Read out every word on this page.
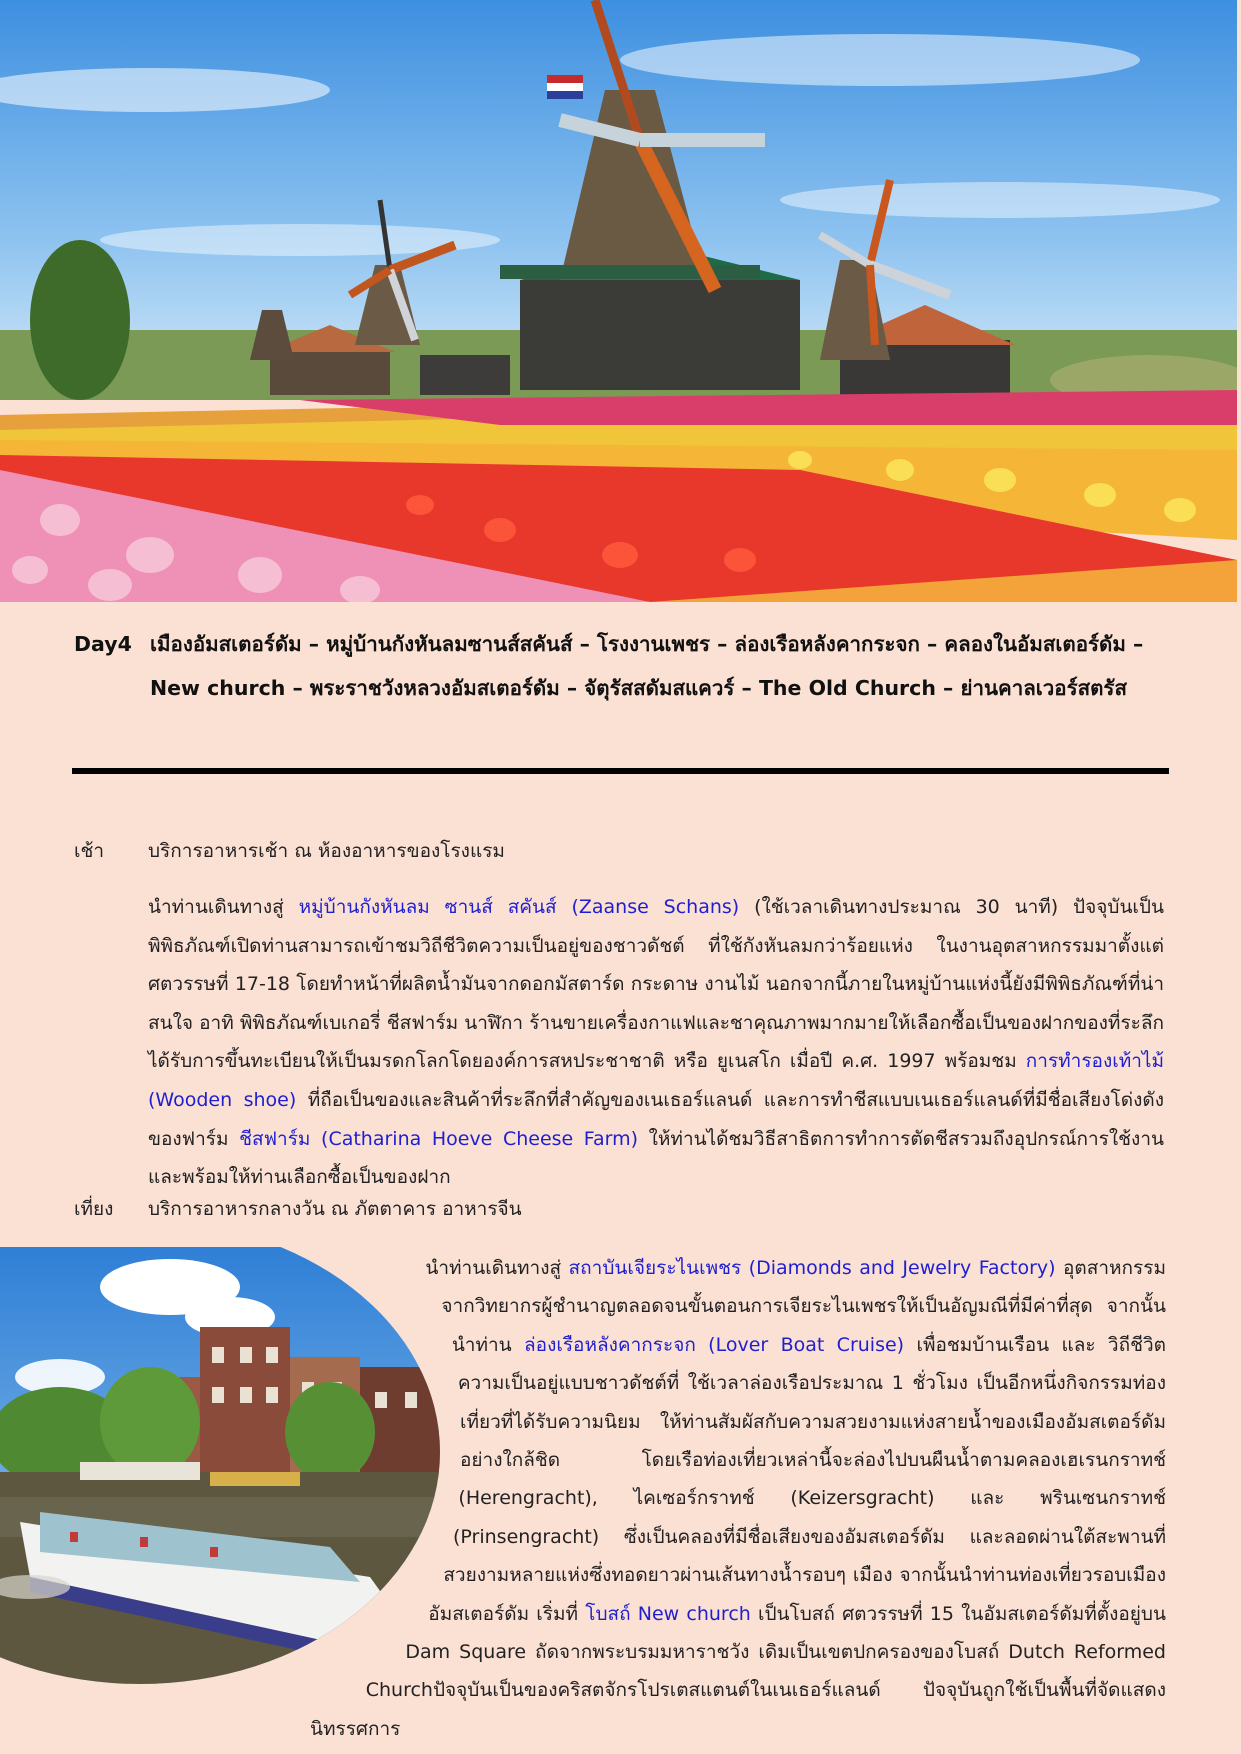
Day4 เมืองอัมสเตอร์ดัม – หมู่บ้านกังหันลมซานส์สคันส์ – โรงงานเพชร – ล่องเรือหลังคากระจก – คลองในอัมสเตอร์ดัม – New church – พระราชวังหลวงอัมสเตอร์ดัม – จัตุรัสสดัมสแควร์ – The Old Church – ย่านคาลเวอร์สตรัส
เช้า บริการอาหารเช้า ณ ห้องอาหารของโรงแรม
นำท่านเดินทางสู่ หมู่บ้านกังหันลม ซานส์ สคันส์ (Zaanse Schans) (ใช้เวลาเดินทางประมาณ 30 นาที) ปัจจุบันเป็นพิพิธภัณฑ์เปิดท่านสามารถเข้าชมวิถีชีวิตความเป็นอยู่ของชาวดัชต์ ที่ใช้กังหันลมกว่าร้อยแห่ง ในงานอุตสาหกรรมมาตั้งแต่ศตวรรษที่ 17-18 โดยทำหน้าที่ผลิตน้ำมันจากดอกมัสตาร์ด กระดาษ งานไม้ นอกจากนี้ภายในหมู่บ้านแห่งนี้ยังมีพิพิธภัณฑ์ที่น่าสนใจ อาทิ พิพิธภัณฑ์เบเกอรี่ ชีสฟาร์ม นาฬิกา ร้านขายเครื่องกาแฟและชาคุณภาพมากมายให้เลือกซื้อเป็นของฝากของที่ระลึก ได้รับการขึ้นทะเบียนให้เป็นมรดกโลกโดยองค์การสหประชาชาติ หรือ ยูเนสโก เมื่อปี ค.ศ. 1997 พร้อมชม การทำรองเท้าไม้ (Wooden shoe) ที่ถือเป็นของและสินค้าที่ระลึกที่สำคัญของเนเธอร์แลนด์ และการทำชีสแบบเนเธอร์แลนด์ที่มีชื่อเสียงโด่งดังของฟาร์ม ชีสฟาร์ม (Catharina Hoeve Cheese Farm) ให้ท่านได้ชมวิธีสาธิตการทำการตัดชีสรวมถึงอุปกรณ์การใช้งาน และพร้อมให้ท่านเลือกซื้อเป็นของฝาก
เที่ยง บริการอาหารกลางวัน ณ ภัตตาคาร อาหารจีน
นำท่านเดินทางสู่ สถาบันเจียระไนเพชร (Diamonds and Jewelry Factory) อุตสาหกรรมจากวิทยากรผู้ชำนาญตลอดจนขั้นตอนการเจียระไนเพชรให้เป็นอัญมณีที่มีค่าที่สุด จากนั้นนำท่าน ล่องเรือหลังคากระจก (Lover Boat Cruise) เพื่อชมบ้านเรือน และ วิถีชีวิตความเป็นอยู่แบบชาวดัชต์ที่ ใช้เวลาล่องเรือประมาณ 1 ชั่วโมง เป็นอีกหนึ่งกิจกรรมท่องเที่ยวที่ได้รับความนิยม ให้ท่านสัมผัสกับความสวยงามแห่งสายน้ำของเมืองอัมสเตอร์ดัมอย่างใกล้ชิด โดยเรือท่องเที่ยวเหล่านี้จะล่องไปบนผืนน้ำตามคลองเฮเรนกราทช์ (Herengracht), ไคเซอร์กราทช์ (Keizersgracht) และ พรินเซนกราทช์ (Prinsengracht) ซึ่งเป็นคลองที่มีชื่อเสียงของอัมสเตอร์ดัม และลอดผ่านใต้สะพานที่สวยงามหลายแห่งซึ่งทอดยาวผ่านเส้นทางน้ำรอบๆ เมือง จากนั้นนำท่านท่องเที่ยวรอบเมืองอัมสเตอร์ดัม เริ่มที่ โบสถ์ New church เป็นโบสถ์ ศตวรรษที่ 15 ในอัมสเตอร์ดัมที่ตั้งอยู่บน Dam Square ถัดจากพระบรมมหาราชวัง เดิมเป็นเขตปกครองของโบสถ์ Dutch Reformed Churchปัจจุบันเป็นของคริสตจักรโปรเตสแตนต์ในเนเธอร์แลนด์ ปัจจุบันถูกใช้เป็นพื้นที่จัดแสดงนิทรรศการ
